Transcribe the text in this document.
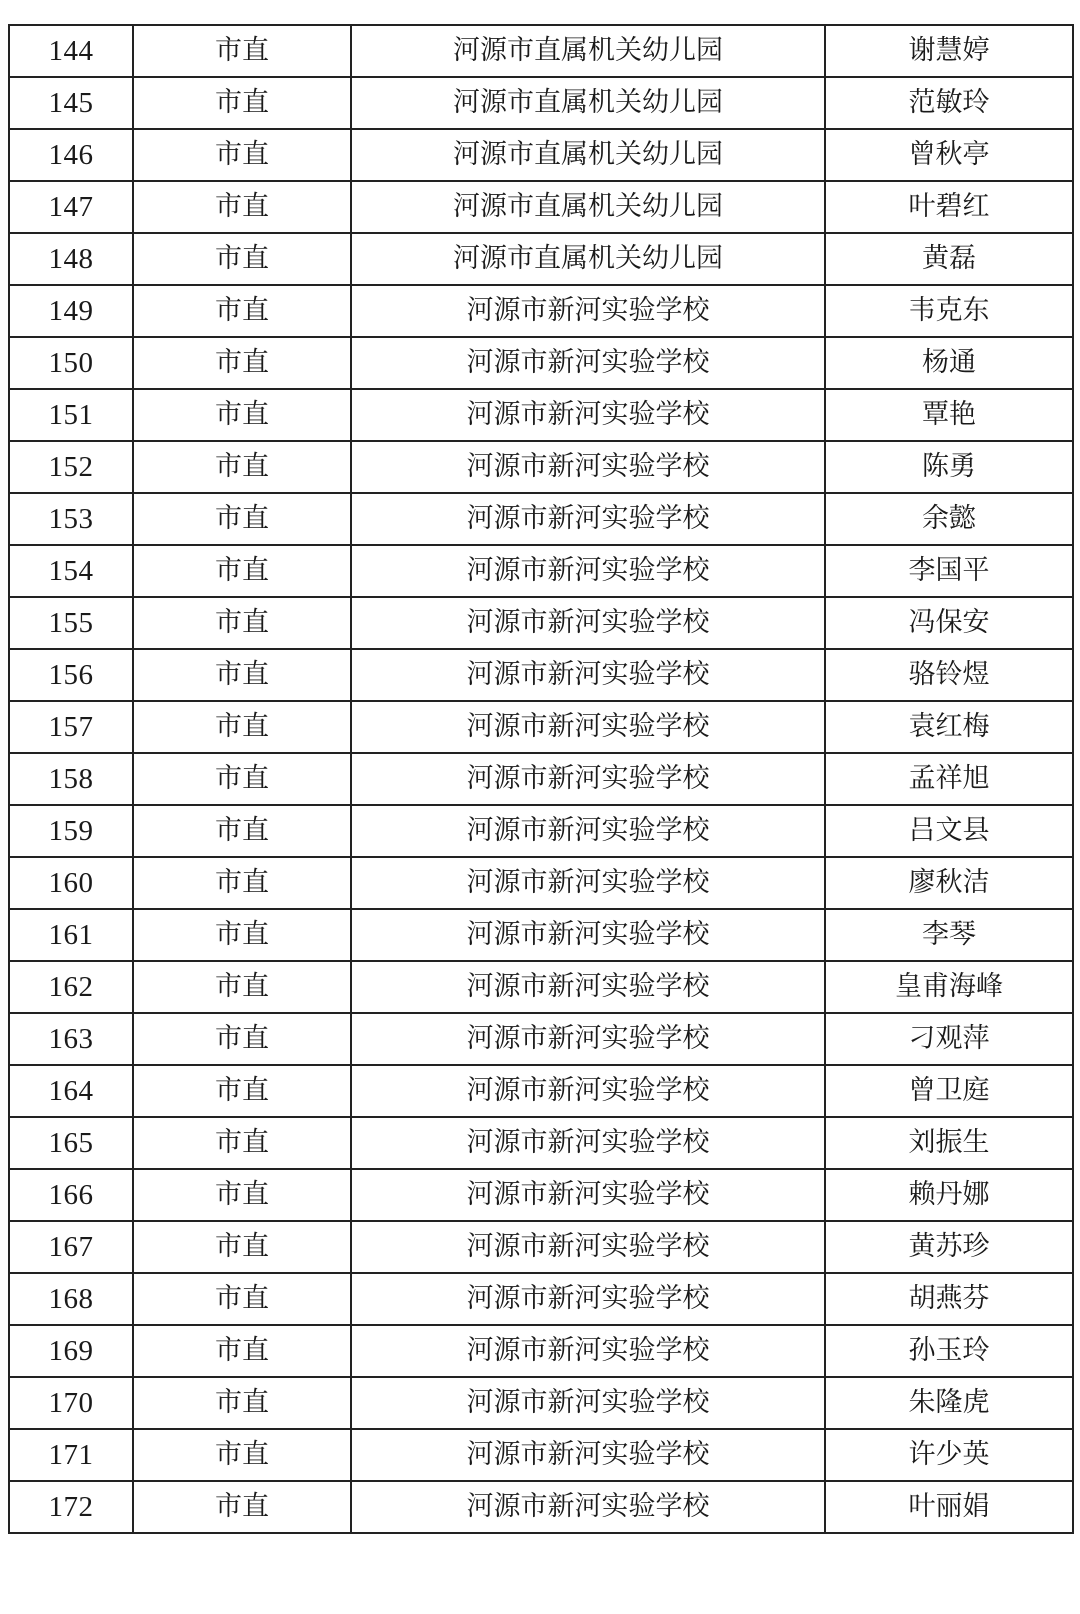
144	市直	河源市直属机关幼儿园	谢慧婷
145	市直	河源市直属机关幼儿园	范敏玲
146	市直	河源市直属机关幼儿园	曾秋亭
147	市直	河源市直属机关幼儿园	叶碧红
148	市直	河源市直属机关幼儿园	黄磊
149	市直	河源市新河实验学校	韦克东
150	市直	河源市新河实验学校	杨通
151	市直	河源市新河实验学校	覃艳
152	市直	河源市新河实验学校	陈勇
153	市直	河源市新河实验学校	余懿
154	市直	河源市新河实验学校	李国平
155	市直	河源市新河实验学校	冯保安
156	市直	河源市新河实验学校	骆铃煜
157	市直	河源市新河实验学校	袁红梅
158	市直	河源市新河实验学校	孟祥旭
159	市直	河源市新河实验学校	吕文县
160	市直	河源市新河实验学校	廖秋洁
161	市直	河源市新河实验学校	李琴
162	市直	河源市新河实验学校	皇甫海峰
163	市直	河源市新河实验学校	刁观萍
164	市直	河源市新河实验学校	曾卫庭
165	市直	河源市新河实验学校	刘振生
166	市直	河源市新河实验学校	赖丹娜
167	市直	河源市新河实验学校	黄苏珍
168	市直	河源市新河实验学校	胡燕芬
169	市直	河源市新河实验学校	孙玉玲
170	市直	河源市新河实验学校	朱隆虎
171	市直	河源市新河实验学校	许少英
172	市直	河源市新河实验学校	叶丽娟
